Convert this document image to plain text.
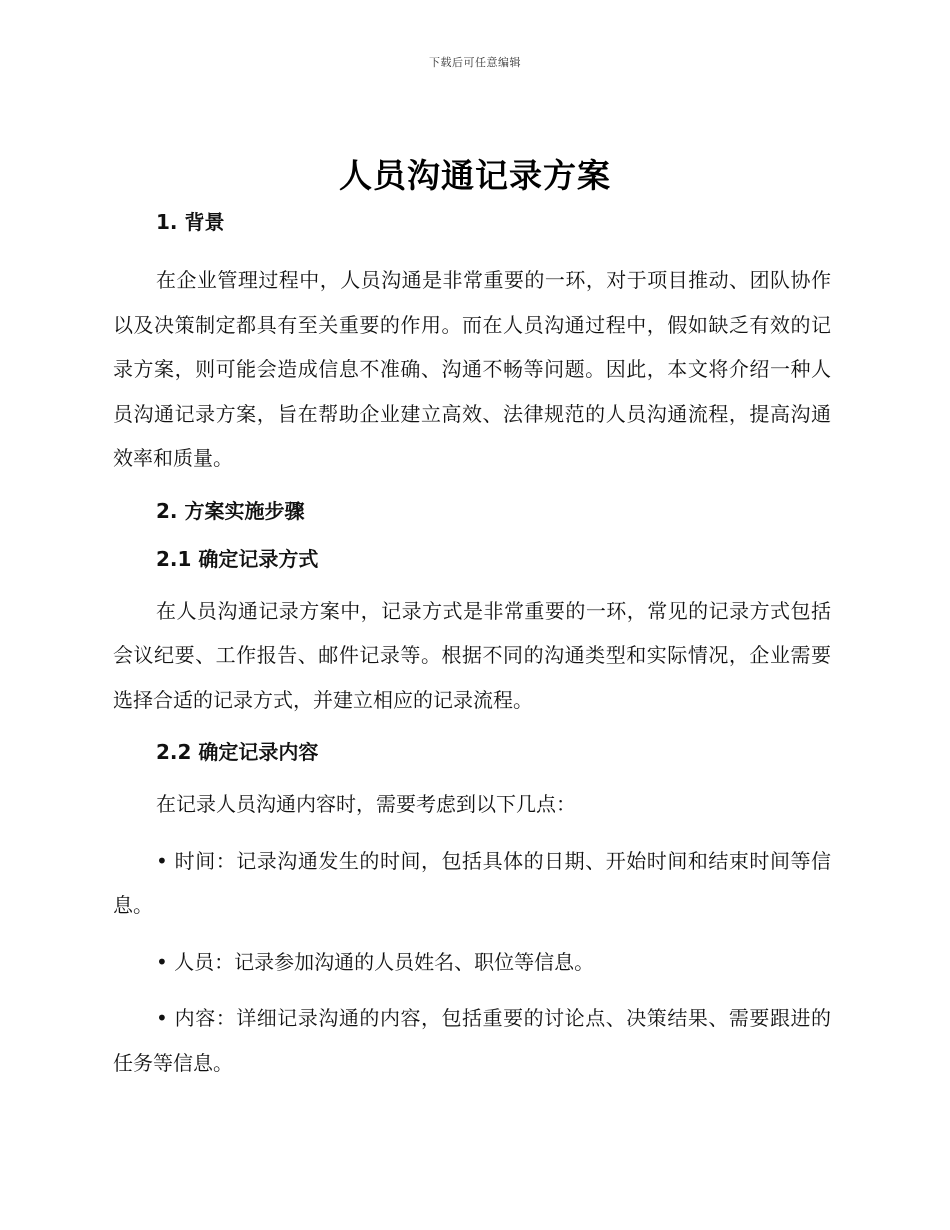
下载后可任意编辑
人员沟通记录方案
1. 背景

在企业管理过程中，人员沟通是非常重要的一环，对于项目推动、团队协作以及决策制定都具有至关重要的作用。而在人员沟通过程中，假如缺乏有效的记录方案，则可能会造成信息不准确、沟通不畅等问题。因此，本文将介绍一种人员沟通记录方案，旨在帮助企业建立高效、法律规范的人员沟通流程，提高沟通效率和质量。

2. 方案实施步骤
2.1 确定记录方式

在人员沟通记录方案中，记录方式是非常重要的一环，常见的记录方式包括会议纪要、工作报告、邮件记录等。根据不同的沟通类型和实际情况，企业需要选择合适的记录方式，并建立相应的记录流程。

2.2 确定记录内容

在记录人员沟通内容时，需要考虑到以下几点：

• 时间：记录沟通发生的时间，包括具体的日期、开始时间和结束时间等信息。

• 人员：记录参加沟通的人员姓名、职位等信息。

• 内容：详细记录沟通的内容，包括重要的讨论点、决策结果、需要跟进的任务等信息。
